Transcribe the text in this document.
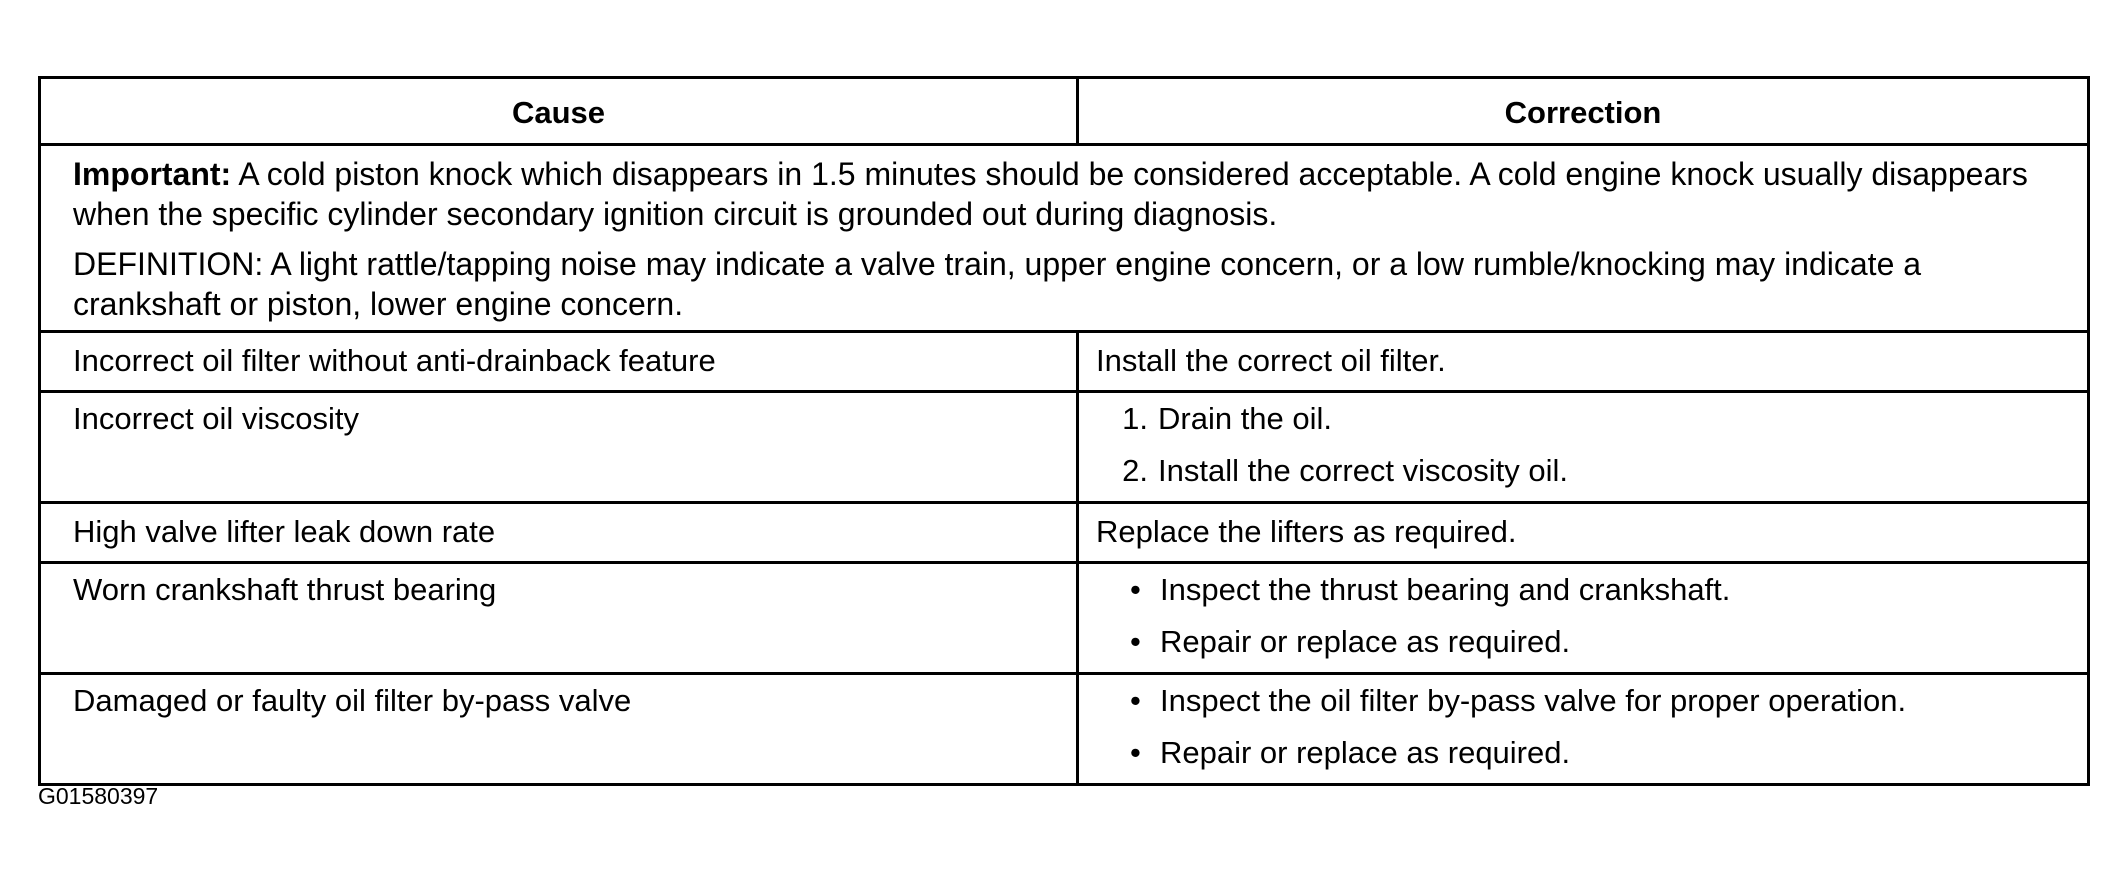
Cause	Correction

Important: A cold piston knock which disappears in 1.5 minutes should be considered acceptable. A cold engine knock usually disappears when the specific cylinder secondary ignition circuit is grounded out during diagnosis.

DEFINITION: A light rattle/tapping noise may indicate a valve train, upper engine concern, or a low rumble/knocking may indicate a crankshaft or piston, lower engine concern.

Incorrect oil filter without anti-drainback feature	Install the correct oil filter.
Incorrect oil viscosity	1. Drain the oil.
2. Install the correct viscosity oil.
High valve lifter leak down rate	Replace the lifters as required.
Worn crankshaft thrust bearing	• Inspect the thrust bearing and crankshaft.
• Repair or replace as required.
Damaged or faulty oil filter by-pass valve	• Inspect the oil filter by-pass valve for proper operation.
• Repair or replace as required.
G01580397
